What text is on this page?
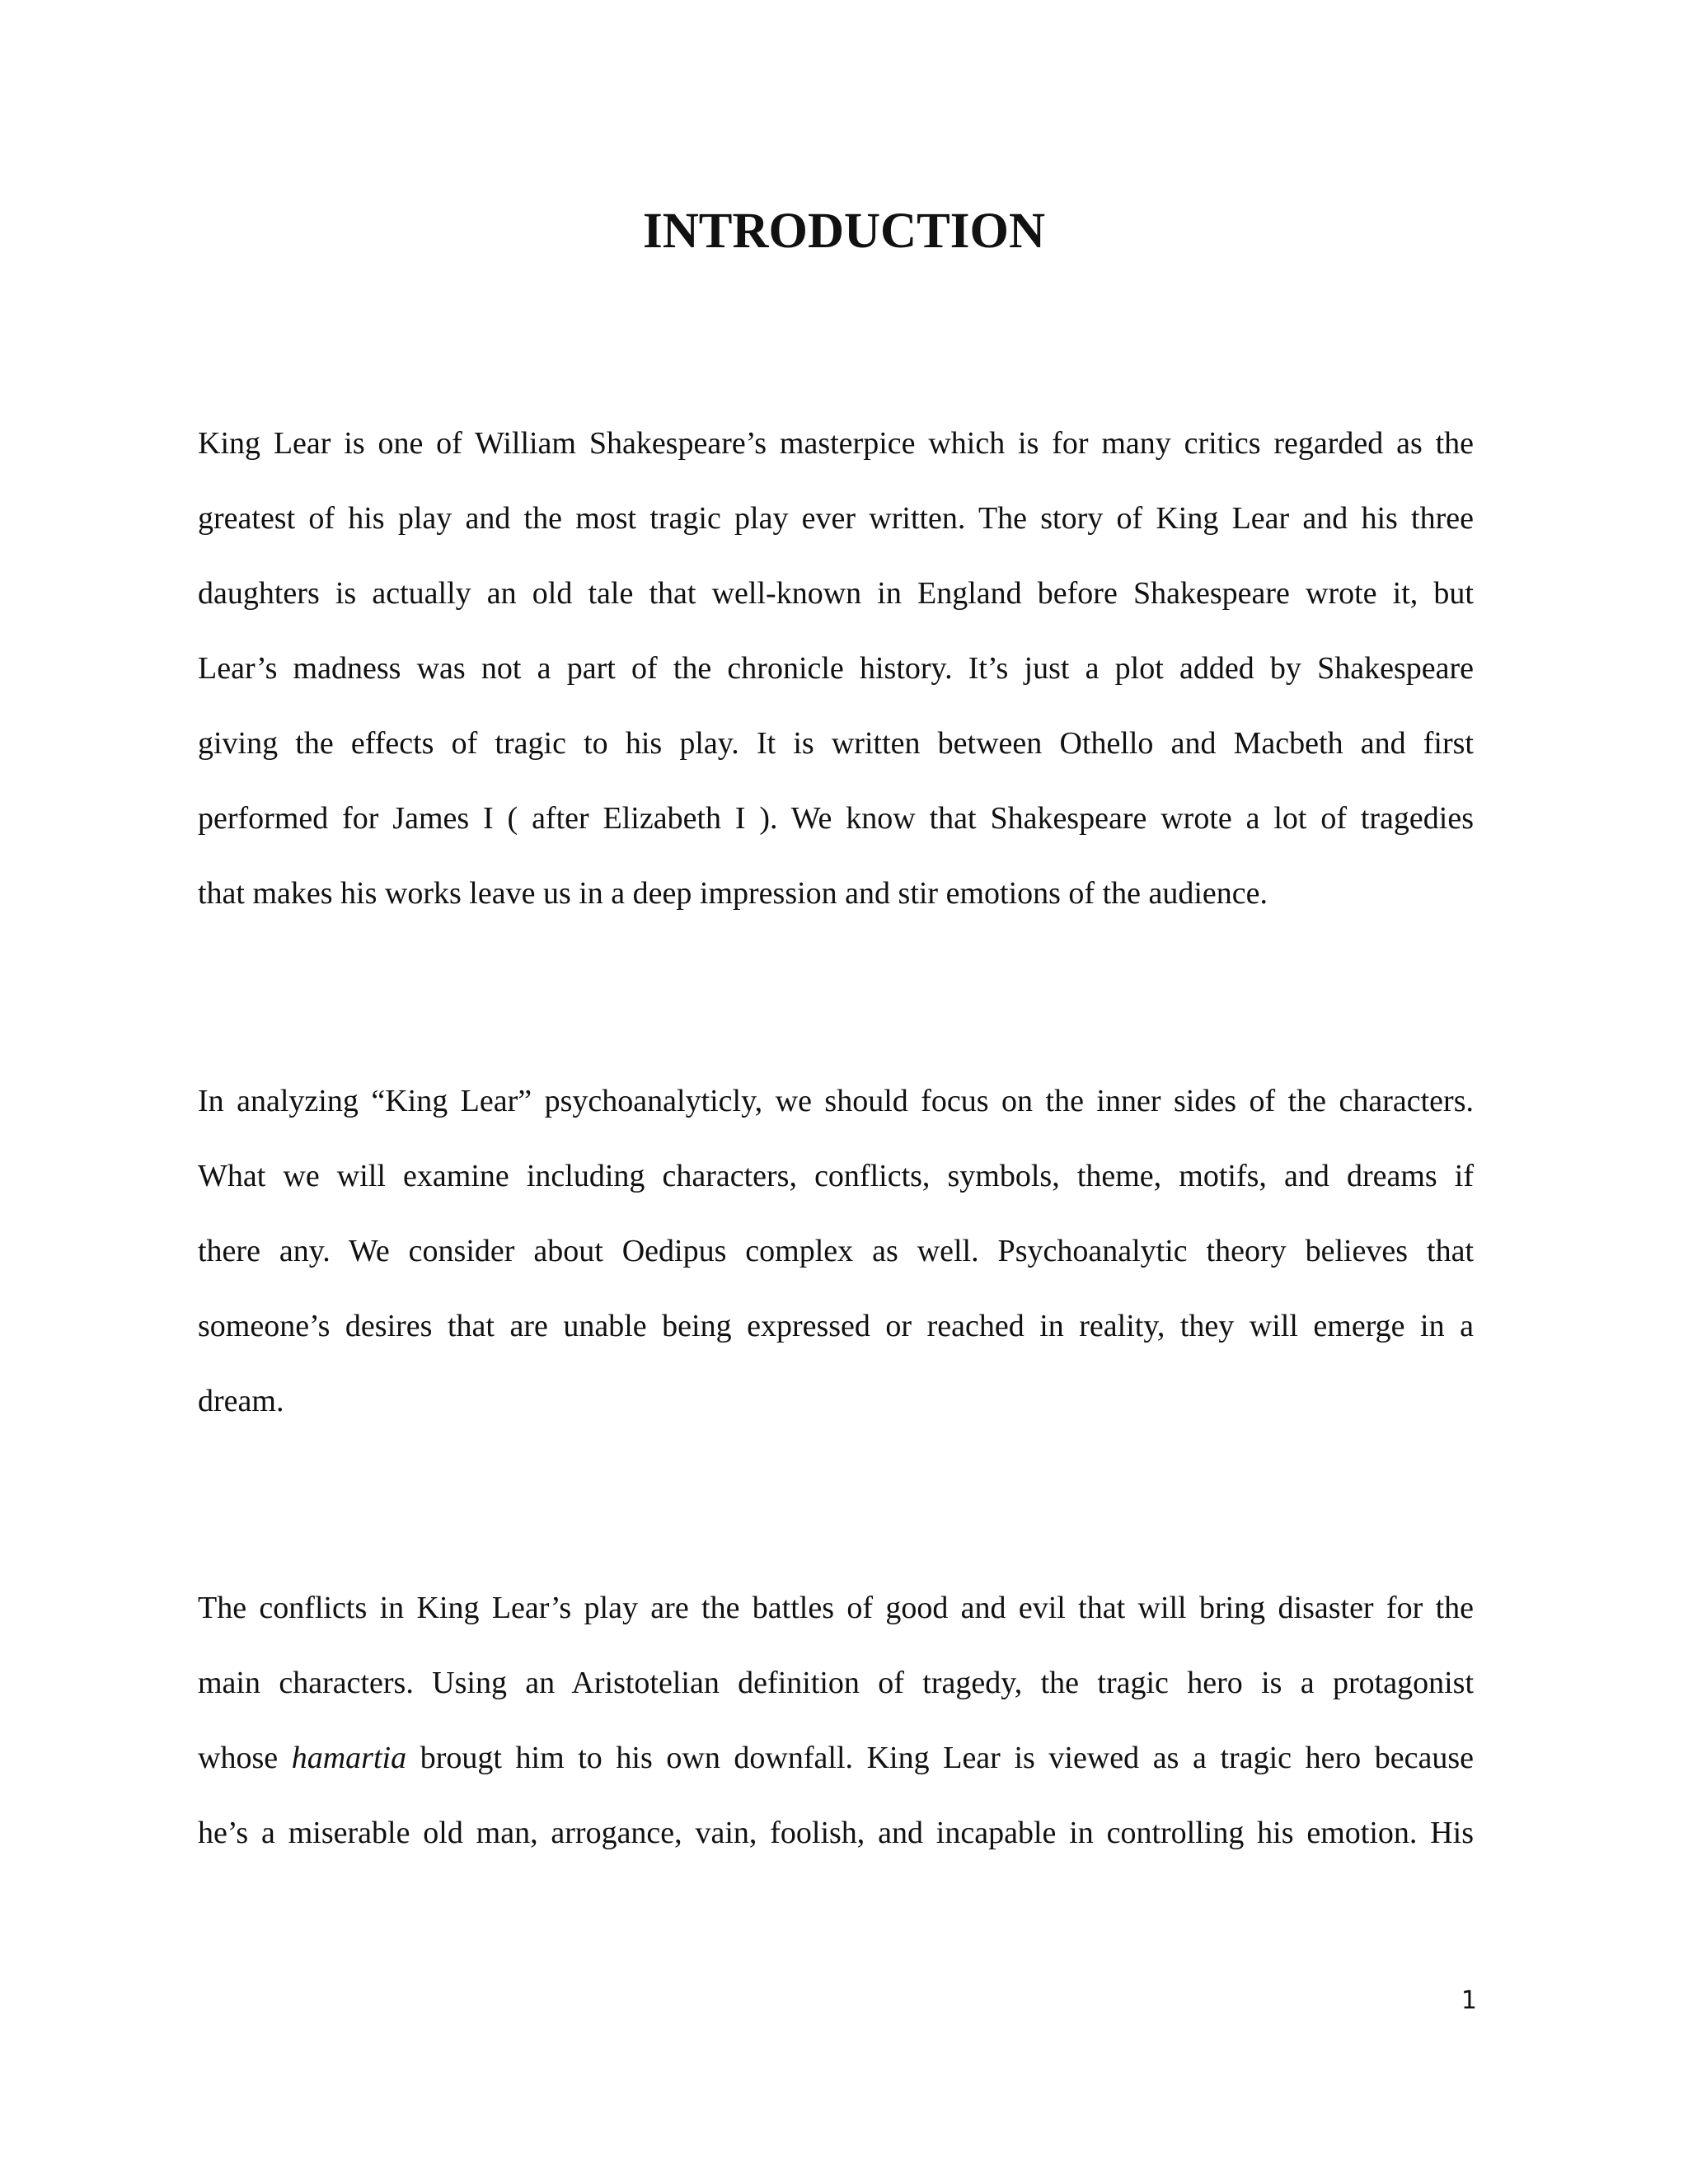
INTRODUCTION

King Lear is one of William Shakespeare’s masterpice which is for many critics regarded as the

greatest of his play and the most tragic play ever written. The story of King Lear and his three

daughters is actually an old tale that well-known in England before Shakespeare wrote it, but

Lear’s madness was not a part of the chronicle history. It’s just a plot added by Shakespeare

giving the effects of tragic to his play. It is written between Othello and Macbeth and first

performed for James I ( after Elizabeth I ). We know that Shakespeare wrote a lot of tragedies

that makes his works leave us in a deep impression and stir emotions of the audience.

In analyzing “King Lear” psychoanalyticly, we should focus on the inner sides of the characters.

What we will examine including characters, conflicts, symbols, theme, motifs, and dreams if

there any. We consider about Oedipus complex as well. Psychoanalytic theory believes that

someone’s desires that are unable being expressed or reached in reality, they will emerge in a

dream.

The conflicts in King Lear’s play are the battles of good and evil that will bring disaster for the

main characters. Using an Aristotelian definition of tragedy, the tragic hero is a protagonist

whose hamartia brougt him to his own downfall. King Lear is viewed as a tragic hero because

he’s a miserable old man, arrogance, vain, foolish, and incapable in controlling his emotion. His

1
